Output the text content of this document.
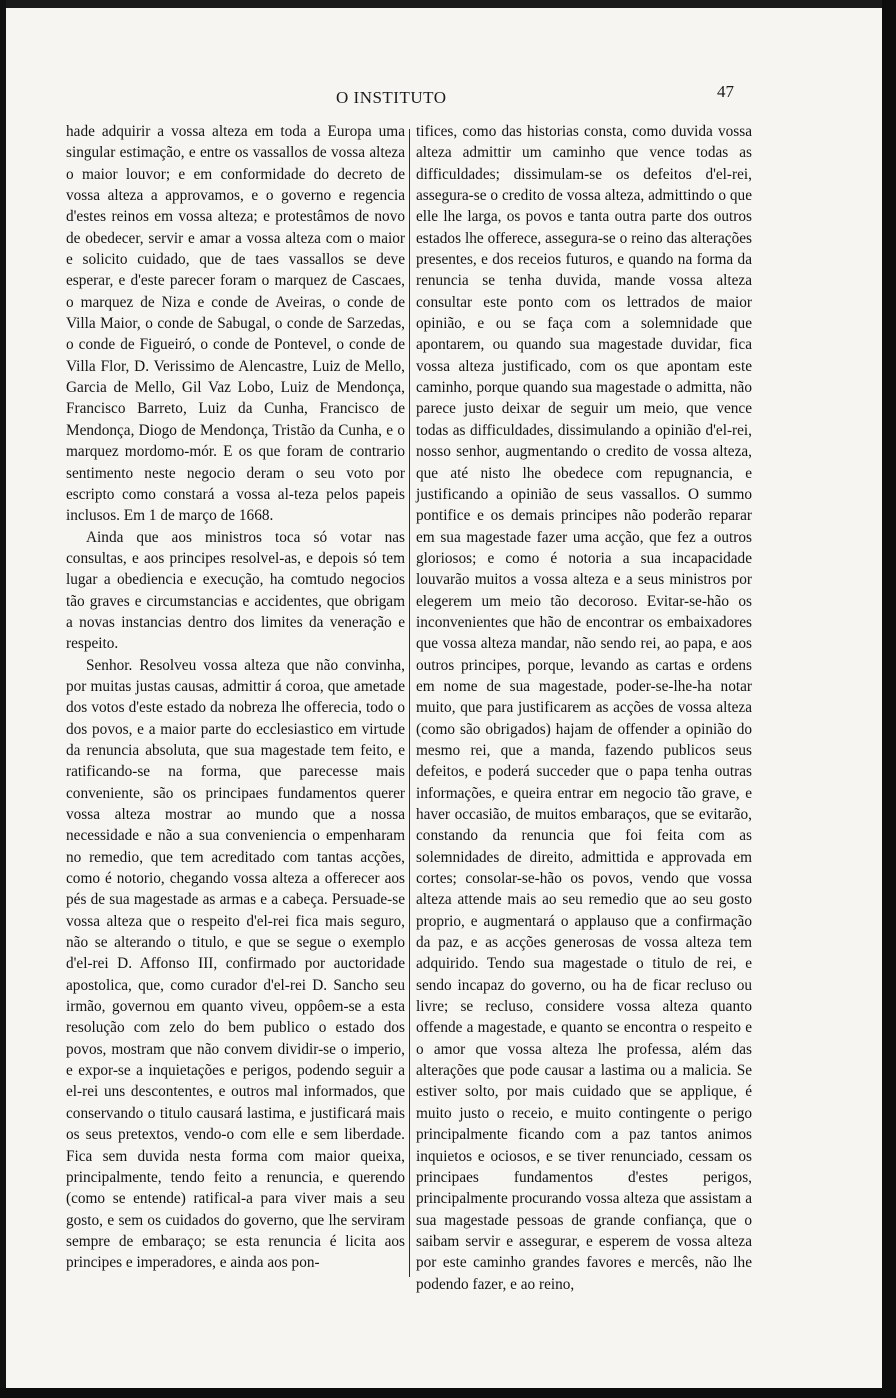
O INSTITUTO	47

hade adquirir a vossa alteza em toda a Europa uma singular estimação, e entre os vassallos de vossa alteza o maior louvor; e em conformidade do decreto de vossa alteza a approvamos, e o governo e regencia d'estes reinos em vossa alteza; e protestâmos de novo de obedecer, servir e amar a vossa alteza com o maior e solicito cuidado, que de taes vassallos se deve esperar, e d'este parecer foram o marquez de Cascaes, o marquez de Niza e conde de Aveiras, o conde de Villa Maior, o conde de Sabugal, o conde de Sarzedas, o conde de Figueiró, o conde de Pontevel, o conde de Villa Flor, D. Verissimo de Alencastre, Luiz de Mello, Garcia de Mello, Gil Vaz Lobo, Luiz de Mendonça, Francisco Barreto, Luiz da Cunha, Francisco de Mendonça, Diogo de Mendonça, Tristão da Cunha, e o marquez mordomo-mór. E os que foram de contrario sentimento neste negocio deram o seu voto por escripto como constará a vossa al-teza pelos papeis inclusos. Em 1 de março de 1668.

Ainda que aos ministros toca só votar nas consultas, e aos principes resolvel-as, e depois só tem lugar a obediencia e execução, ha comtudo negocios tão graves e circumstancias e accidentes, que obrigam a novas instancias dentro dos limites da veneração e respeito.

Senhor. Resolveu vossa alteza que não convinha, por muitas justas causas, admittir á coroa, que ametade dos votos d'este estado da nobreza lhe offerecia, todo o dos povos, e a maior parte do ecclesiastico em virtude da renuncia absoluta, que sua magestade tem feito, e ratificando-se na forma, que parecesse mais conveniente, são os principaes fundamentos querer vossa alteza mostrar ao mundo que a nossa necessidade e não a sua conveniencia o empenharam no remedio, que tem acreditado com tantas acções, como é notorio, chegando vossa alteza a offerecer aos pés de sua magestade as armas e a cabeça. Persuade-se vossa alteza que o respeito d'el-rei fica mais seguro, não se alterando o titulo, e que se segue o exemplo d'el-rei D. Affonso III, confirmado por auctoridade apostolica, que, como curador d'el-rei D. Sancho seu irmão, governou em quanto viveu, oppôem-se a esta resolução com zelo do bem publico o estado dos povos, mostram que não convem dividir-se o imperio, e expor-se a inquietações e perigos, podendo seguir a el-rei uns descontentes, e outros mal informados, que conservando o titulo causará lastima, e justificará mais os seus pretextos, vendo-o com elle e sem liberdade. Fica sem duvida nesta forma com maior queixa, principalmente, tendo feito a renuncia, e querendo (como se entende) ratifical-a para viver mais a seu gosto, e sem os cuidados do governo, que lhe serviram sempre de embaraço; se esta renuncia é licita aos principes e imperadores, e ainda aos pon-

tifices, como das historias consta, como duvida vossa alteza admittir um caminho que vence todas as difficuldades; dissimulam-se os defeitos d'el-rei, assegura-se o credito de vossa alteza, admittindo o que elle lhe larga, os povos e tanta outra parte dos outros estados lhe offerece, assegura-se o reino das alterações presentes, e dos receios futuros, e quando na forma da renuncia se tenha duvida, mande vossa alteza consultar este ponto com os lettrados de maior opinião, e ou se faça com a solemnidade que apontarem, ou quando sua magestade duvidar, fica vossa alteza justificado, com os que apontam este caminho, porque quando sua magestade o admitta, não parece justo deixar de seguir um meio, que vence todas as difficuldades, dissimulando a opinião d'el-rei, nosso senhor, augmentando o credito de vossa alteza, que até nisto lhe obedece com repugnancia, e justificando a opinião de seus vassallos. O summo pontifice e os demais principes não poderão reparar em sua magestade fazer uma acção, que fez a outros gloriosos; e como é notoria a sua incapacidade louvarão muitos a vossa alteza e a seus ministros por elegerem um meio tão decoroso. Evitar-se-hão os inconvenientes que hão de encontrar os embaixadores que vossa alteza mandar, não sendo rei, ao papa, e aos outros principes, porque, levando as cartas e ordens em nome de sua magestade, poder-se-lhe-ha notar muito, que para justificarem as acções de vossa alteza (como são obrigados) hajam de offender a opinião do mesmo rei, que a manda, fazendo publicos seus defeitos, e poderá succeder que o papa tenha outras informações, e queira entrar em negocio tão grave, e haver occasião, de muitos embaraços, que se evitarão, constando da renuncia que foi feita com as solemnidades de direito, admittida e approvada em cortes; consolar-se-hão os povos, vendo que vossa alteza attende mais ao seu remedio que ao seu gosto proprio, e augmentará o applauso que a confirmação da paz, e as acções generosas de vossa alteza tem adquirido. Tendo sua magestade o titulo de rei, e sendo incapaz do governo, ou ha de ficar recluso ou livre; se recluso, considere vossa alteza quanto offende a magestade, e quanto se encontra o respeito e o amor que vossa alteza lhe professa, além das alterações que pode causar a lastima ou a malicia. Se estiver solto, por mais cuidado que se applique, é muito justo o receio, e muito contingente o perigo principalmente ficando com a paz tantos animos inquietos e ociosos, e se tiver renunciado, cessam os principaes fundamentos d'estes perigos, principalmente procurando vossa alteza que assistam a sua magestade pessoas de grande confiança, que o saibam servir e assegurar, e esperem de vossa alteza por este caminho grandes favores e mercês, não lhe podendo fazer, e ao reino,
